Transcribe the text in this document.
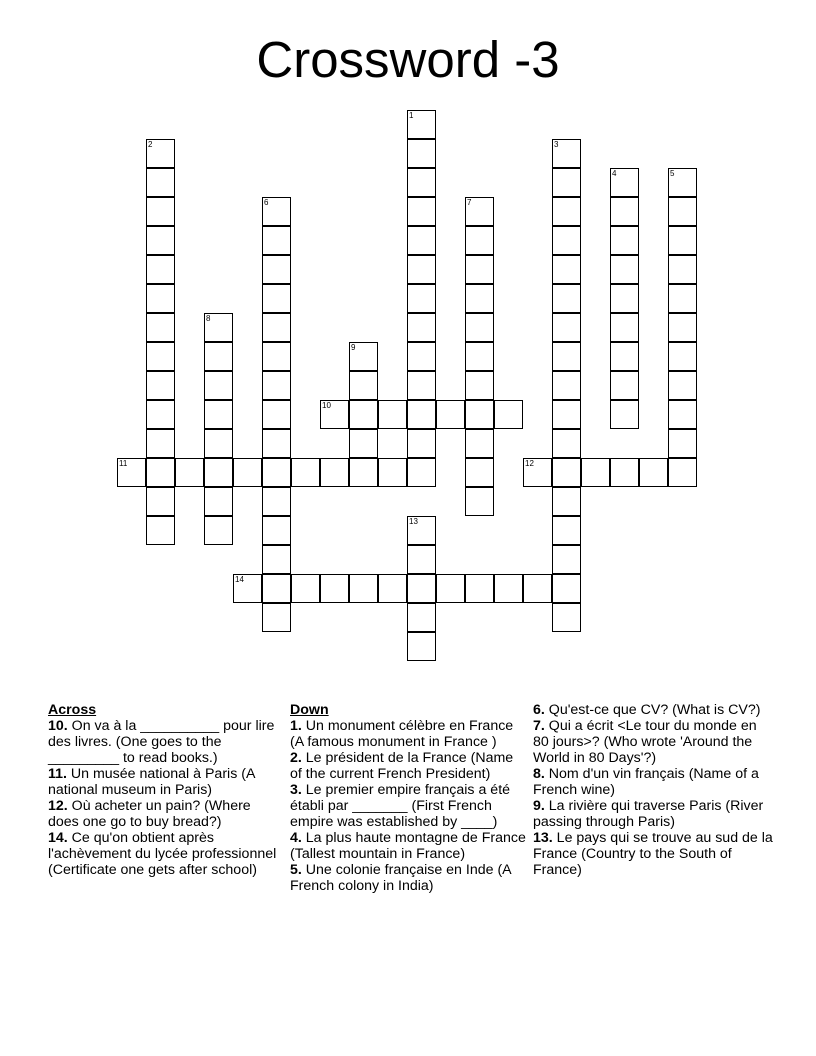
Crossword -3
1
2	3
4	5
6	7
8
9
10
11	12
13
14

Across

10. On va à la __________ pour lire des livres. (One goes to the _________ to read books.)

11. Un musée national à Paris (A national museum in Paris)

12. Où acheter un pain? (Where does one go to buy bread?)

14. Ce qu'on obtient après l'achèvement du lycée professionnel (Certificate one gets after school)

Down

1. Un monument célèbre en France (A famous monument in France )

2. Le président de la France (Name of the current French President)

3. Le premier empire français a été établi par _______ (First French empire was established by ____)

4. La plus haute montagne de France (Tallest mountain in France)

5. Une colonie française en Inde (A French colony in India)

6. Qu'est-ce que CV? (What is CV?)

7. Qui a écrit <Le tour du monde en 80 jours>? (Who wrote 'Around the World in 80 Days'?)

8. Nom d'un vin français (Name of a French wine)

9. La rivière qui traverse Paris (River passing through Paris)

13. Le pays qui se trouve au sud de la France (Country to the South of France)
